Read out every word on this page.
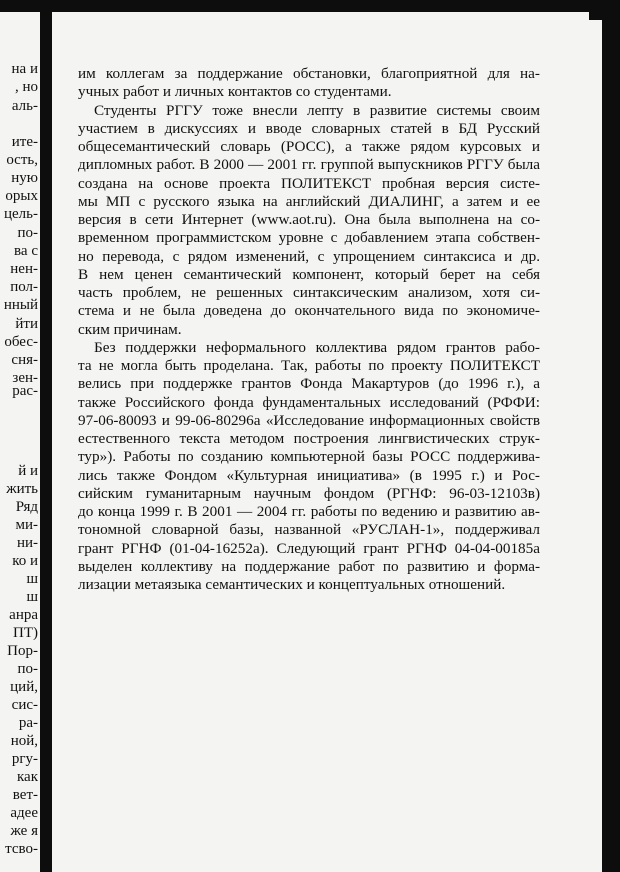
на и
, но
аль-
ите-
ость,
ную
орых
цель-
по-
ва с
нен-
пол-
нный
йти
обес-
сня-
зен-
рас-
й и
жить
Ряд
ми-
ни-
ко и
ш
ш
анра
ПТ)
Пор-
по-
ций,
сис-
ра-
ной,
ргу-
как
вет-
адее
же я
тсво-
им коллегам за поддержание обстановки, благоприятной для на-
учных работ и личных контактов со студентами.
Студенты РГГУ тоже внесли лепту в развитие системы своим
участием в дискуссиях и вводе словарных статей в БД Русский
общесемантический словарь (РОСС), а также рядом курсовых и
дипломных работ. В 2000 — 2001 гг. группой выпускников РГГУ была
создана на основе проекта ПОЛИТЕКСТ пробная версия систе-
мы МП с русского языка на английский ДИАЛИНГ, а затем и ее
версия в сети Интернет (www.aot.ru). Она была выполнена на со-
временном программистском уровне с добавлением этапа собствен-
но перевода, с рядом изменений, с упрощением синтаксиса и др.
В нем ценен семантический компонент, который берет на себя
часть проблем, не решенных синтаксическим анализом, хотя си-
стема и не была доведена до окончательного вида по экономиче-
ским причинам.
Без поддержки неформального коллектива рядом грантов рабо-
та не могла быть проделана. Так, работы по проекту ПОЛИТЕКСТ
велись при поддержке грантов Фонда Макартуров (до 1996 г.), а
также Российского фонда фундаментальных исследований (РФФИ:
97-06-80093 и 99-06-80296а «Исследование информационных свойств
естественного текста методом построения лингвистических струк-
тур»). Работы по созданию компьютерной базы РОСС поддержива-
лись также Фондом «Культурная инициатива» (в 1995 г.) и Рос-
сийским гуманитарным научным фондом (РГНФ: 96-03-12103в)
до конца 1999 г. В 2001 — 2004 гг. работы по ведению и развитию ав-
тономной словарной базы, названной «РУСЛАН-1», поддерживал
грант РГНФ (01-04-16252а). Следующий грант РГНФ 04-04-00185а
выделен коллективу на поддержание работ по развитию и форма-
лизации метаязыка семантических и концептуальных отношений.
